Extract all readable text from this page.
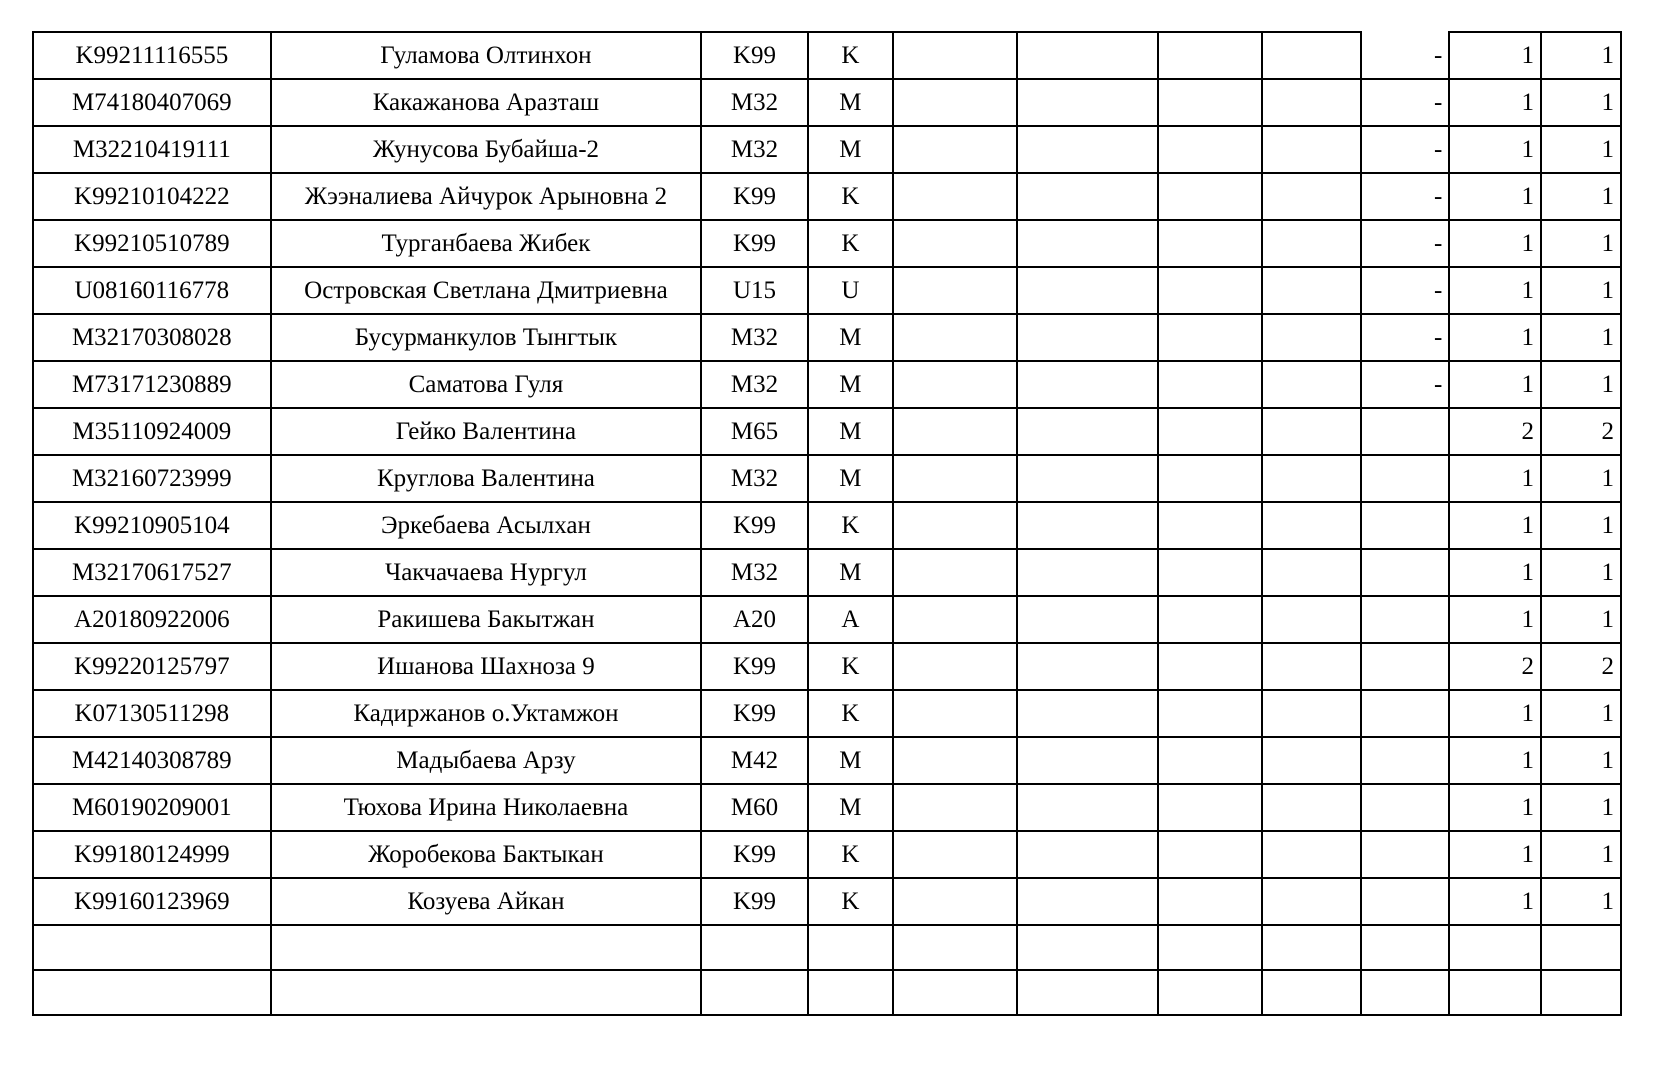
K99211116555	Гуламова Олтинхон	K99	K					-	1	1
M74180407069	Какажанова Аразташ	M32	M					-	1	1
M32210419111	Жунусова Бубайша-2	M32	M					-	1	1
K99210104222	Жээналиева Айчурок Арыновна 2	K99	K					-	1	1
K99210510789	Турганбаева Жибек	K99	K					-	1	1
U08160116778	Островская Светлана Дмитриевна	U15	U					-	1	1
M32170308028	Бусурманкулов Тынгтык	M32	M					-	1	1
M73171230889	Саматова Гуля	M32	M					-	1	1
M35110924009	Гейко Валентина	M65	M						2	2
M32160723999	Круглова Валентина	M32	M						1	1
K99210905104	Эркебаева Асылхан	K99	K						1	1
M32170617527	Чакчачаева Нургул	M32	M						1	1
A20180922006	Ракишева Бакытжан	A20	A						1	1
K99220125797	Ишанова Шахноза 9	K99	K						2	2
K07130511298	Кадиржанов о.Уктамжон	K99	K						1	1
M42140308789	Мадыбаева Арзу	M42	M						1	1
M60190209001	Тюхова Ирина Николаевна	M60	M						1	1
K99180124999	Жоробекова Бактыкан	K99	K						1	1
K99160123969	Козуева Айкан	K99	K						1	1
